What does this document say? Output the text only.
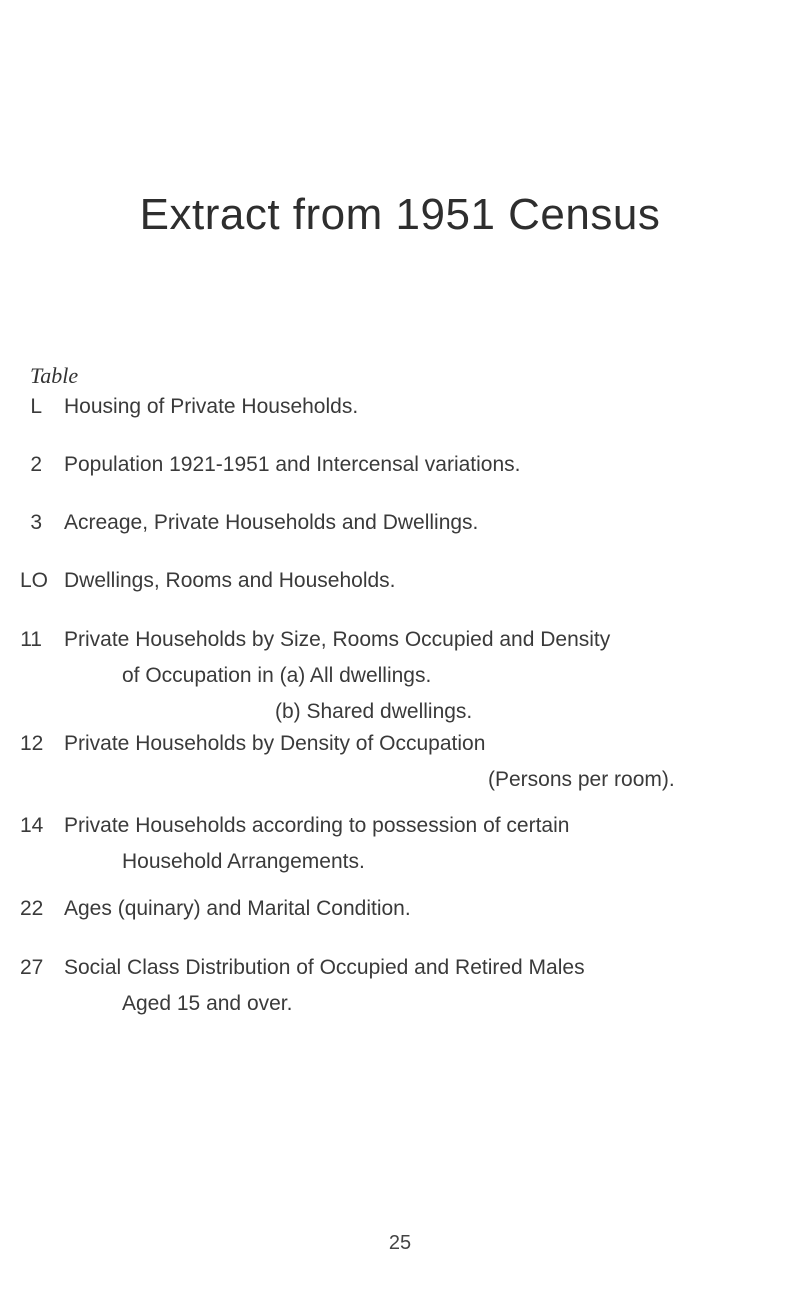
Extract from 1951 Census
Table
L Housing of Private Households.
2 Population 1921-1951 and Intercensal variations.
3 Acreage, Private Households and Dwellings.
LO Dwellings, Rooms and Households.
11 Private Households by Size, Rooms Occupied and Density
of Occupation in (a) All dwellings.
(b) Shared dwellings.
12 Private Households by Density of Occupation
(Persons per room).
14 Private Households according to possession of certain
Household Arrangements.
22 Ages (quinary) and Marital Condition.
27 Social Class Distribution of Occupied and Retired Males
Aged 15 and over.
25
